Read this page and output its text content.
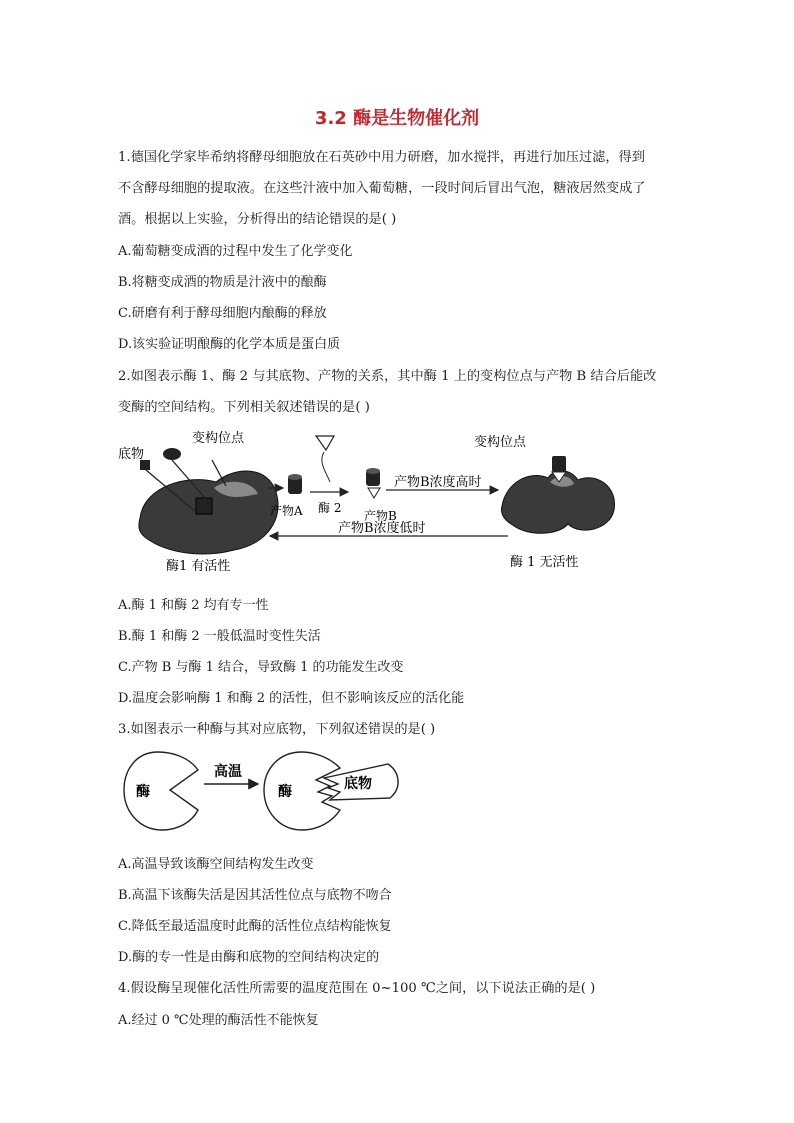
3.2 酶是生物催化剂
1.德国化学家毕希纳将酵母细胞放在石英砂中用力研磨，加水搅拌，再进行加压过滤，得到
不含酵母细胞的提取液。在这些汁液中加入葡萄糖，一段时间后冒出气泡，糖液居然变成了
酒。根据以上实验，分析得出的结论错误的是( )
A.葡萄糖变成酒的过程中发生了化学变化
B.将糖变成酒的物质是汁液中的酿酶
C.研磨有利于酵母细胞内酿酶的释放
D.该实验证明酿酶的化学本质是蛋白质
2.如图表示酶 1、酶 2 与其底物、产物的关系，其中酶 1 上的变构位点与产物 B 结合后能改
变酶的空间结构。下列相关叙述错误的是( )
底物
变构位点
酶1 有活性
产物A 酶 2
产物B
产物B浓度高时
产物B浓度低时
变构位点
酶 1 无活性
A.酶 1 和酶 2 均有专一性
B.酶 1 和酶 2 一般低温时变性失活
C.产物 B 与酶 1 结合，导致酶 1 的功能发生改变
D.温度会影响酶 1 和酶 2 的活性，但不影响该反应的活化能
3.如图表示一种酶与其对应底物，下列叙述错误的是( )
酶
高温
酶	底物
A.高温导致该酶空间结构发生改变
B.高温下该酶失活是因其活性位点与底物不吻合
C.降低至最适温度时此酶的活性位点结构能恢复
D.酶的专一性是由酶和底物的空间结构决定的
4.假设酶呈现催化活性所需要的温度范围在 0~100 ℃之间，以下说法正确的是( )
A.经过 0 ℃处理的酶活性不能恢复
